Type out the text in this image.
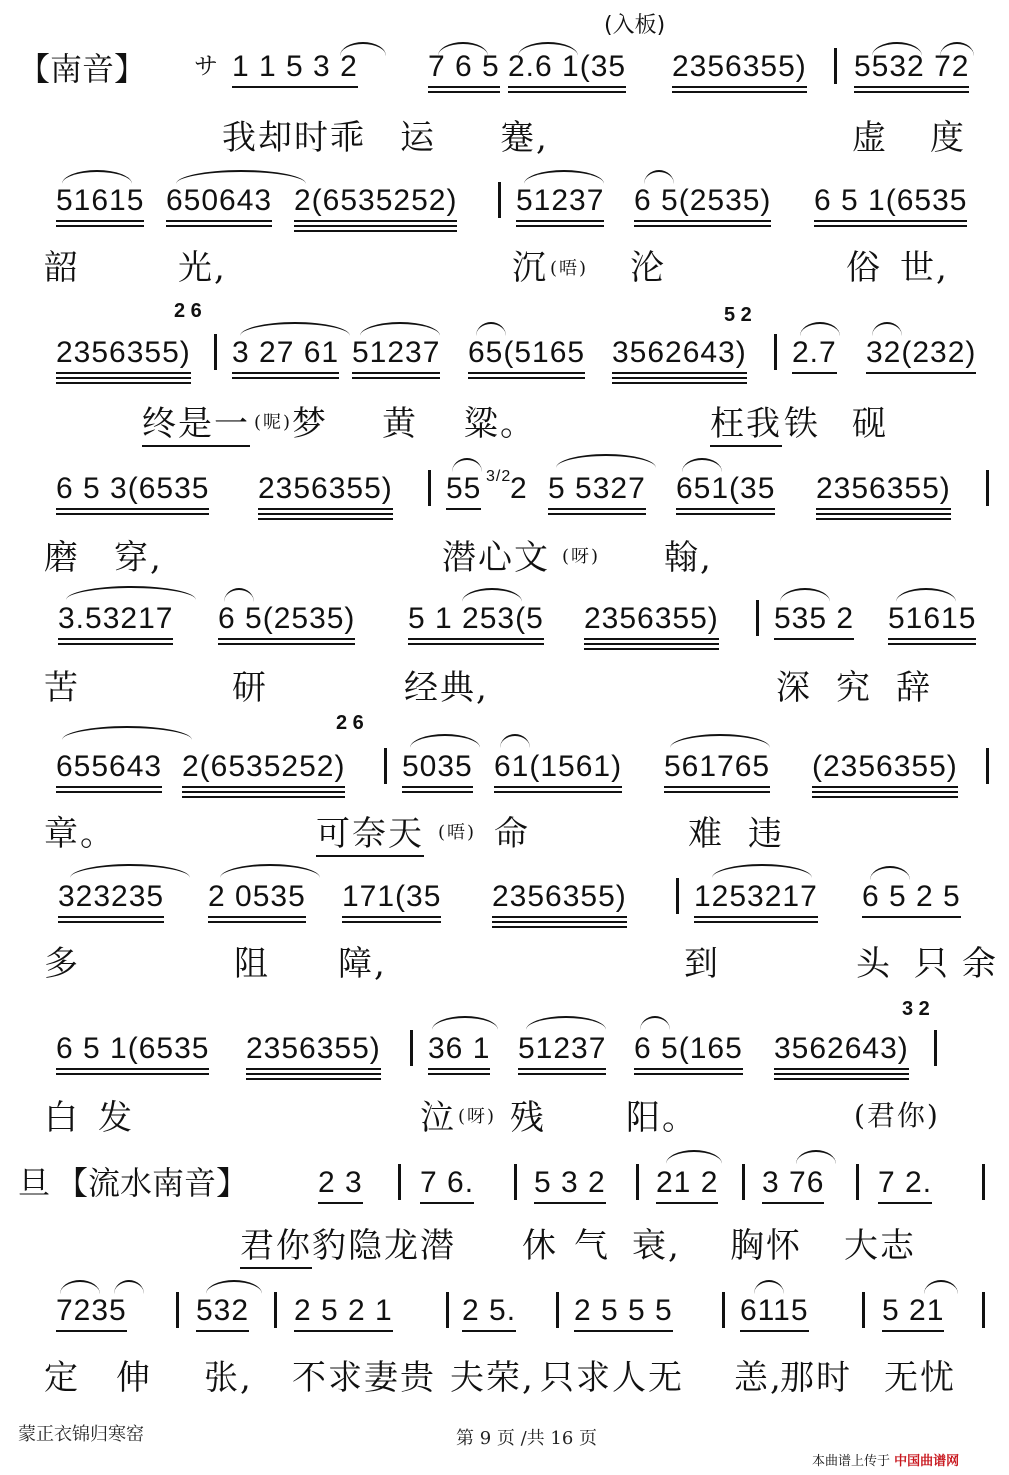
【南音】 サ
(入板)
1 1 5 3 2 7 6 5 2.6 1(35 2356355) 5532 72
我却时乖 运 蹇,	虚 度
51615 650643 2(6535252) 51237 6 5(2535) 6 5 1(6535
韶	光,	沉 (唔) 沦	俗 世,
2 6	5 2
2356355) 3 27 61 51237 65(5165 3562643) 2.7 32(232)
终是一 (呢) 梦 黄 粱。	枉我 铁 砚
6 5 3(6535 2356355) 55 3/2
2 5 5327 651(35 2356355)
磨 穿,	潜心文 (呀) 翰,
3.53217 6 5(2535) 5 1 253(5 2356355) 535 2 51615
苦	研	经典,	深 究 辞
2 6
655643 2(6535252) 5035 61(1561) 561765 (2356355)
章。	可奈天 (唔) 命	难 违
323235 2 0535 171(35 2356355) 1253217 6 5 2 5
多	阻 障,	到	头 只 余
3 2
6 5 1(6535 2356355) 36 1 51237 6 5(165 3562643)
白 发	泣 (呀) 残 阳。	(君你)
旦 【流水南音】 2 3 7 6. 5 3 2 21 2 3 76 7 2.
君你 豹隐 龙潜 休 气 衰, 胸怀 大志
7235 532 2 5 2 1 2 5. 2 5 5 5 6115 5 21
定 伸 张, 不求妻贵 夫荣, 只求人无 恙,
那时 无忧
蒙正衣锦归寒窑	第 9 页 /共 16 页
本曲谱上传于 中国曲谱网
